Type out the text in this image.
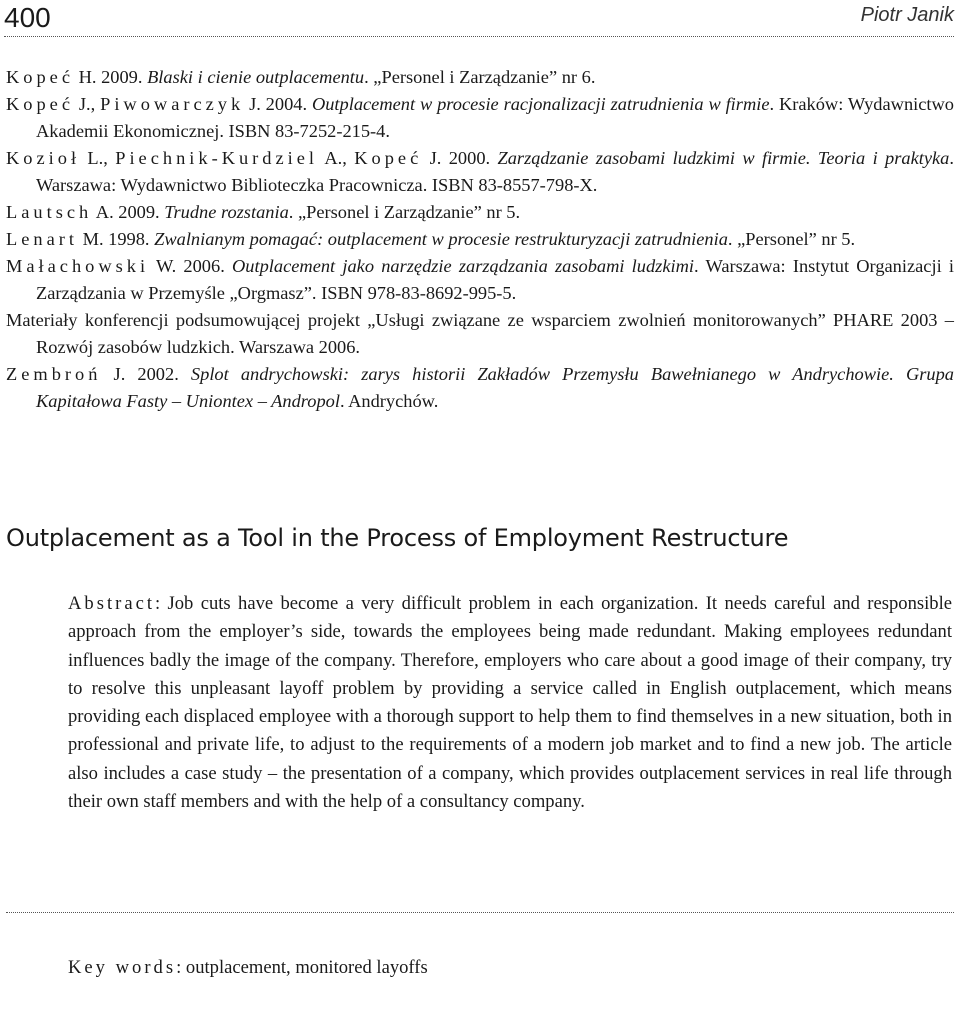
400	Piotr Janik

Kopeć H. 2009. Blaski i cienie outplacementu. „Personel i Zarządzanie” nr 6.

Kopeć J., Piwowarczyk J. 2004. Outplacement w procesie racjonalizacji zatrudnienia w firmie. Kraków: Wydawnictwo Akademii Ekonomicznej. ISBN 83-7252-215-4.

Kozioł L., Piechnik-Kurdziel A., Kopeć J. 2000. Zarządzanie zasobami ludzkimi w firmie. Teoria i praktyka. Warszawa: Wydawnictwo Biblioteczka Pracownicza. ISBN 83-8557-798-X.

Lautsch A. 2009. Trudne rozstania. „Personel i Zarządzanie” nr 5.

Lenart M. 1998. Zwalnianym pomagać: outplacement w procesie restrukturyzacji zatrudnienia. „Personel” nr 5.

Małachowski W. 2006. Outplacement jako narzędzie zarządzania zasobami ludzkimi. Warszawa: Instytut Organizacji i Zarządzania w Przemyśle „Orgmasz”. ISBN 978-83-8692-995-5.

Materiały konferencji podsumowującej projekt „Usługi związane ze wsparciem zwolnień monitorowanych” PHARE 2003 – Rozwój zasobów ludzkich. Warszawa 2006.

Zembroń J. 2002. Splot andrychowski: zarys historii Zakładów Przemysłu Bawełnianego w Andrychowie. Grupa Kapitałowa Fasty – Uniontex – Andropol. Andrychów.

Outplacement as a Tool in the Process of Employment Restructure

Abstract: Job cuts have become a very difficult problem in each organization. It needs careful and responsible approach from the employer’s side, towards the employees being made redundant. Making employees redundant influences badly the image of the company. Therefore, employers who care about a good image of their company, try to resolve this unpleasant layoff problem by providing a service called in English outplacement, which means providing each displaced employee with a thorough support to help them to find themselves in a new situation, both in professional and private life, to adjust to the requirements of a modern job market and to find a new job. The article also includes a case study – the presentation of a company, which provides outplacement services in real life through their own staff members and with the help of a consultancy company.

Key words: outplacement, monitored layoffs
